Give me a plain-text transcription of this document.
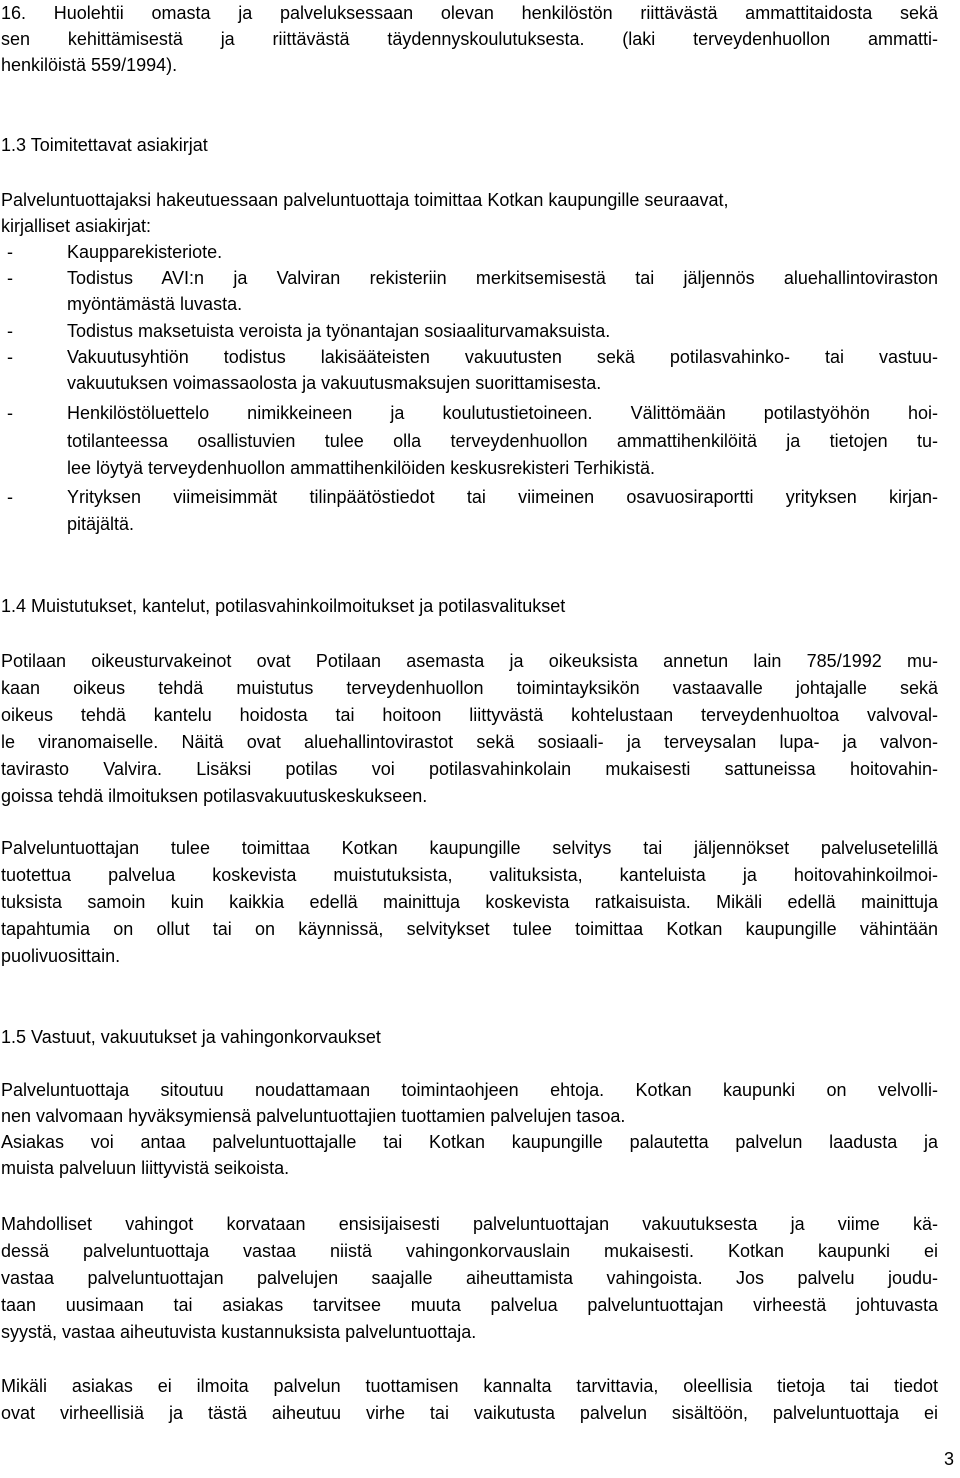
16. Huolehtii omasta ja palveluksessaan olevan henkilöstön riittävästä ammattitaidosta sekä
sen kehittämisestä ja riittävästä täydennyskoulutuksesta. (laki terveydenhuollon ammatti-
henkilöistä 559/1994).
1.3 Toimitettavat asiakirjat
Palveluntuottajaksi hakeutuessaan palveluntuottaja toimittaa Kotkan kaupungille seuraavat,
kirjalliset asiakirjat:
-	Kaupparekisteriote.
-	Todistus AVI:n ja Valviran rekisteriin merkitsemisestä tai jäljennös aluehallintoviraston
myöntämästä luvasta.
-	Todistus maksetuista veroista ja työnantajan sosiaaliturvamaksuista.
-	Vakuutusyhtiön todistus lakisääteisten vakuutusten sekä potilasvahinko- tai vastuu-
vakuutuksen voimassaolosta ja vakuutusmaksujen suorittamisesta.
-	Henkilöstöluettelo nimikkeineen ja koulutustietoineen. Välittömään potilastyöhön hoi-
totilanteessa osallistuvien tulee olla terveydenhuollon ammattihenkilöitä ja tietojen tu-
lee löytyä terveydenhuollon ammattihenkilöiden keskusrekisteri Terhikistä.
-	Yrityksen viimeisimmät tilinpäätöstiedot tai viimeinen osavuosiraportti yrityksen kirjan-
pitäjältä.
1.4 Muistutukset, kantelut, potilasvahinkoilmoitukset ja potilasvalitukset
Potilaan oikeusturvakeinot ovat Potilaan asemasta ja oikeuksista annetun lain 785/1992 mu-
kaan oikeus tehdä muistutus terveydenhuollon toimintayksikön vastaavalle johtajalle sekä
oikeus tehdä kantelu hoidosta tai hoitoon liittyvästä kohtelustaan terveydenhuoltoa valvoval-
le viranomaiselle. Näitä ovat aluehallintovirastot sekä sosiaali- ja terveysalan lupa- ja valvon-
tavirasto Valvira. Lisäksi potilas voi potilasvahinkolain mukaisesti sattuneissa hoitovahin-
goissa tehdä ilmoituksen potilasvakuutuskeskukseen.
Palveluntuottajan tulee toimittaa Kotkan kaupungille selvitys tai jäljennökset palvelusetelillä
tuotettua palvelua koskevista muistutuksista, valituksista, kanteluista ja hoitovahinkoilmoi-
tuksista samoin kuin kaikkia edellä mainittuja koskevista ratkaisuista. Mikäli edellä mainittuja
tapahtumia on ollut tai on käynnissä, selvitykset tulee toimittaa Kotkan kaupungille vähintään
puolivuosittain.
1.5 Vastuut, vakuutukset ja vahingonkorvaukset
Palveluntuottaja sitoutuu noudattamaan toimintaohjeen ehtoja. Kotkan kaupunki on velvolli-
nen valvomaan hyväksymiensä palveluntuottajien tuottamien palvelujen tasoa.
Asiakas voi antaa palveluntuottajalle tai Kotkan kaupungille palautetta palvelun laadusta ja
muista palveluun liittyvistä seikoista.
Mahdolliset vahingot korvataan ensisijaisesti palveluntuottajan vakuutuksesta ja viime kä-
dessä palveluntuottaja vastaa niistä vahingonkorvauslain mukaisesti. Kotkan kaupunki ei
vastaa palveluntuottajan palvelujen saajalle aiheuttamista vahingoista. Jos palvelu joudu-
taan uusimaan tai asiakas tarvitsee muuta palvelua palveluntuottajan virheestä johtuvasta
syystä, vastaa aiheutuvista kustannuksista palveluntuottaja.
Mikäli asiakas ei ilmoita palvelun tuottamisen kannalta tarvittavia, oleellisia tietoja tai tiedot
ovat virheellisiä ja tästä aiheutuu virhe tai vaikutusta palvelun sisältöön, palveluntuottaja ei
3
